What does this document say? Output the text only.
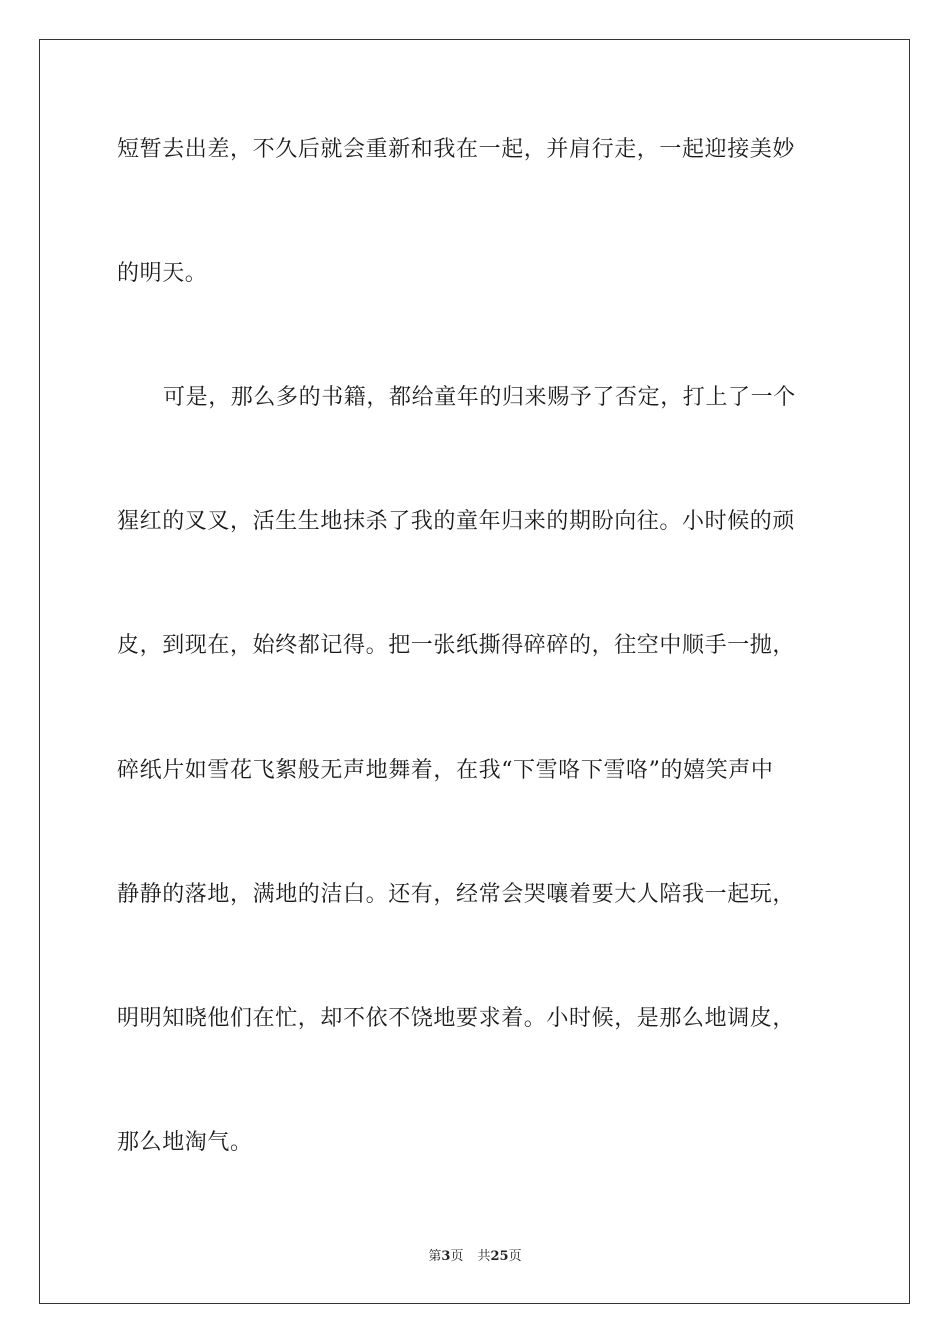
短暂去出差，不久后就会重新和我在一起，并肩行走，一起迎接美妙
的明天。
可是，那么多的书籍，都给童年的归来赐予了否定，打上了一个
猩红的叉叉，活生生地抹杀了我的童年归来的期盼向往。小时候的顽
皮，到现在，始终都记得。把一张纸撕得碎碎的，往空中顺手一抛，
碎纸片如雪花飞絮般无声地舞着，在我“下雪咯下雪咯”的嬉笑声中
静静的落地，满地的洁白。还有，经常会哭嚷着要大人陪我一起玩，
明明知晓他们在忙，却不依不饶地要求着。小时候，是那么地调皮，
那么地淘气。
第3页 共25页
